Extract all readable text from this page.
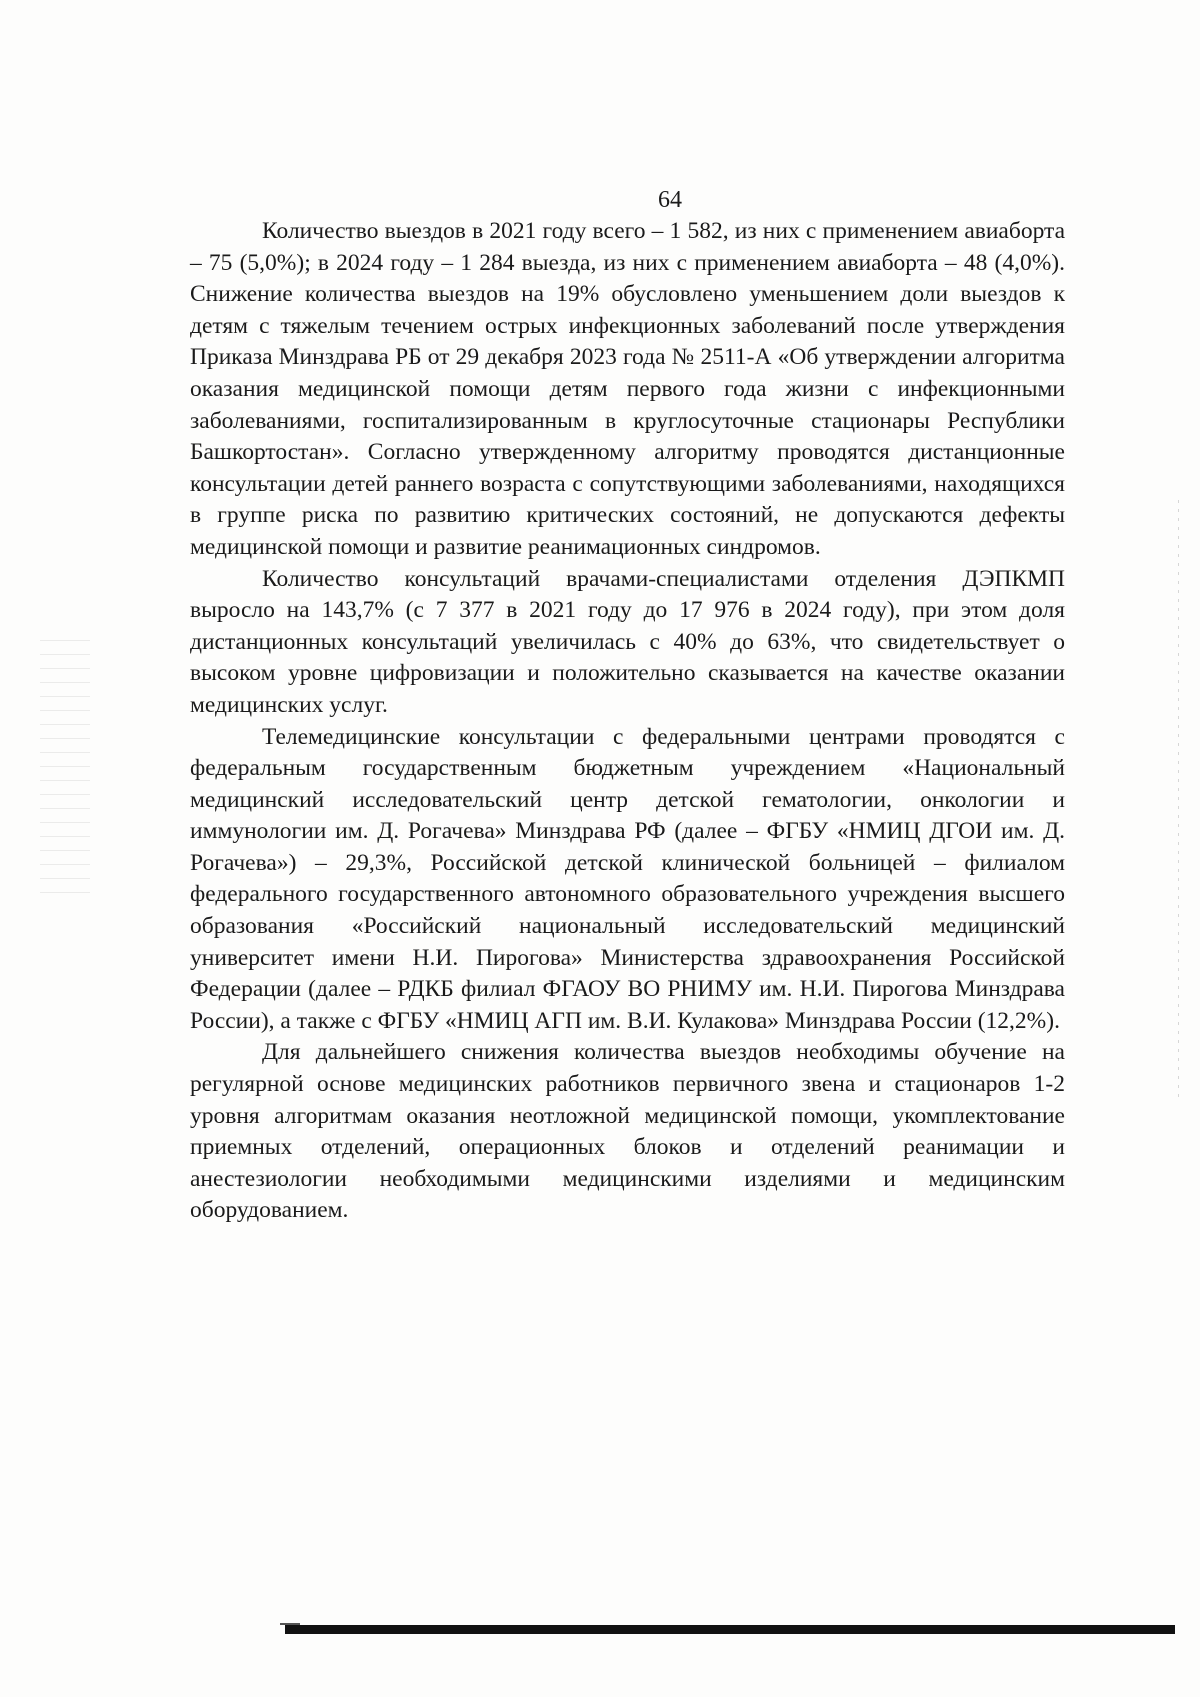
64

Количество выездов в 2021 году всего – 1 582, из них с применением авиаборта – 75 (5,0%); в 2024 году – 1 284 выезда, из них с применением авиаборта – 48 (4,0%). Снижение количества выездов на 19% обусловлено уменьшением доли выездов к детям с тяжелым течением острых инфекционных заболеваний после утверждения Приказа Минздрава РБ от 29 декабря 2023 года № 2511-А «Об утверждении алгоритма оказания медицинской помощи детям первого года жизни с инфекционными заболеваниями, госпитализированным в круглосуточные стационары Республики Башкортостан». Согласно утвержденному алгоритму проводятся дистанционные консультации детей раннего возраста с сопутствующими заболеваниями, находящихся в группе риска по развитию критических состояний, не допускаются дефекты медицинской помощи и развитие реанимационных синдромов.

Количество консультаций врачами-специалистами отделения ДЭПКМП выросло на 143,7% (с 7 377 в 2021 году до 17 976 в 2024 году), при этом доля дистанционных консультаций увеличилась с 40% до 63%, что свидетельствует о высоком уровне цифровизации и положительно сказывается на качестве оказании медицинских услуг.

Телемедицинские консультации с федеральными центрами проводятся с федеральным государственным бюджетным учреждением «Национальный медицинский исследовательский центр детской гематологии, онкологии и иммунологии им. Д. Рогачева» Минздрава РФ (далее – ФГБУ «НМИЦ ДГОИ им. Д. Рогачева») – 29,3%, Российской детской клинической больницей – филиалом федерального государственного автономного образовательного учреждения высшего образования «Российский национальный исследовательский медицинский университет имени Н.И. Пирогова» Министерства здравоохранения Российской Федерации (далее – РДКБ филиал ФГАОУ ВО РНИМУ им. Н.И. Пирогова Минздрава России), а также с ФГБУ «НМИЦ АГП им. В.И. Кулакова» Минздрава России (12,2%).

Для дальнейшего снижения количества выездов необходимы обучение на регулярной основе медицинских работников первичного звена и стационаров 1-2 уровня алгоритмам оказания неотложной медицинской помощи, укомплектование приемных отделений, операционных блоков и отделений реанимации и анестезиологии необходимыми медицинскими изделиями и медицинским оборудованием.
